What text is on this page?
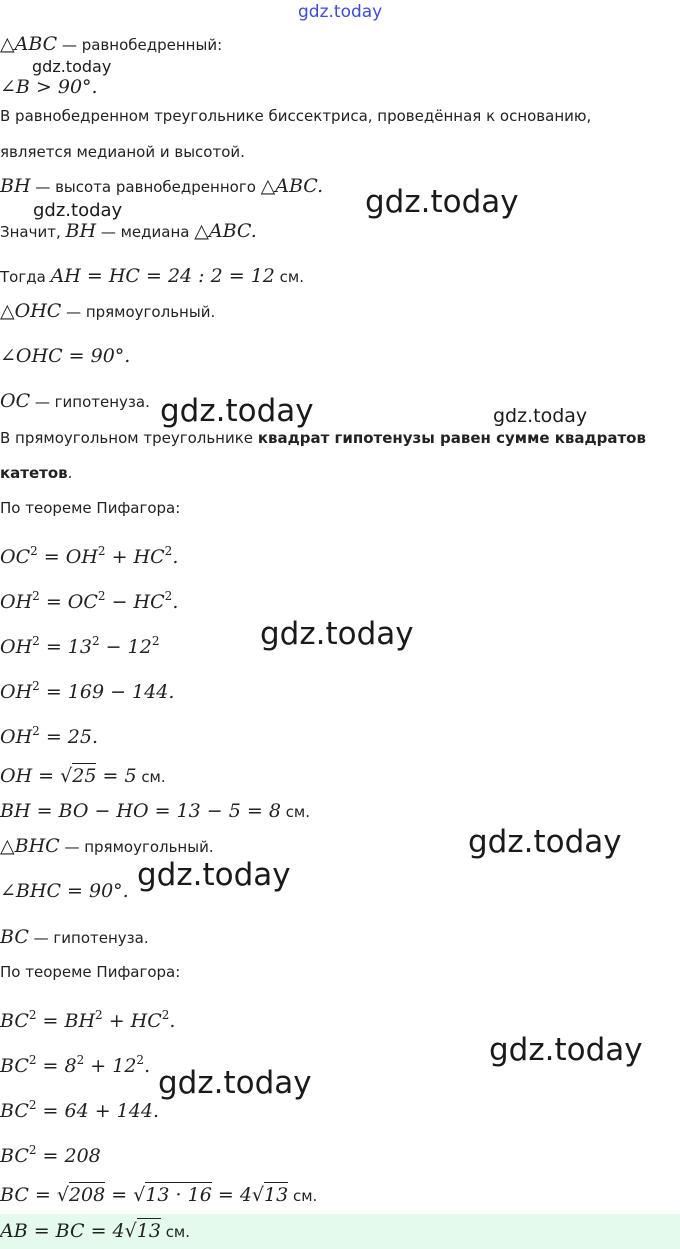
gdz.today
gdz.today
gdz.today	gdz.today
gdz.today	gdz.today
gdz.today
gdz.today
gdz.today
gdz.today
gdz.today
△ABC — равнобедренный:
∠B > 90°.
В равнобедренном треугольнике биссектриса, проведённая к основанию,
является медианой и высотой.
BH — высота равнобедренного △ABC.
Значит, BH — медиана △ABC.
Тогда AH = HC = 24 : 2 = 12 см.
△OHC — прямоугольный.
∠OHC = 90°.
OC — гипотенуза.
В прямоугольном треугольнике квадрат гипотенузы равен сумме квадратов
катетов.
По теореме Пифагора:
$OC^2 = OH^2 + HC^2$.
$OH^2 = OC^2 - HC^2$.
$OH^2 = 13^2 - 12^2$
$OH^2 = 169 - 144$.
$OH^2 = 25$.
OH = √25 = 5 см.
BH = BO − HO = 13 − 5 = 8 см.
△BHC — прямоугольный.
∠BHC = 90°.
BC — гипотенуза.
По теореме Пифагора:
$BC^2 = BH^2 + HC^2$.
$BC^2 = 8^2 + 12^2$.
$BC^2 = 64 + 144$.
$BC^2 = 208$
BC = √208 = √13 · 16 = 4√13 см.
AB = BC = 4√13 см.
